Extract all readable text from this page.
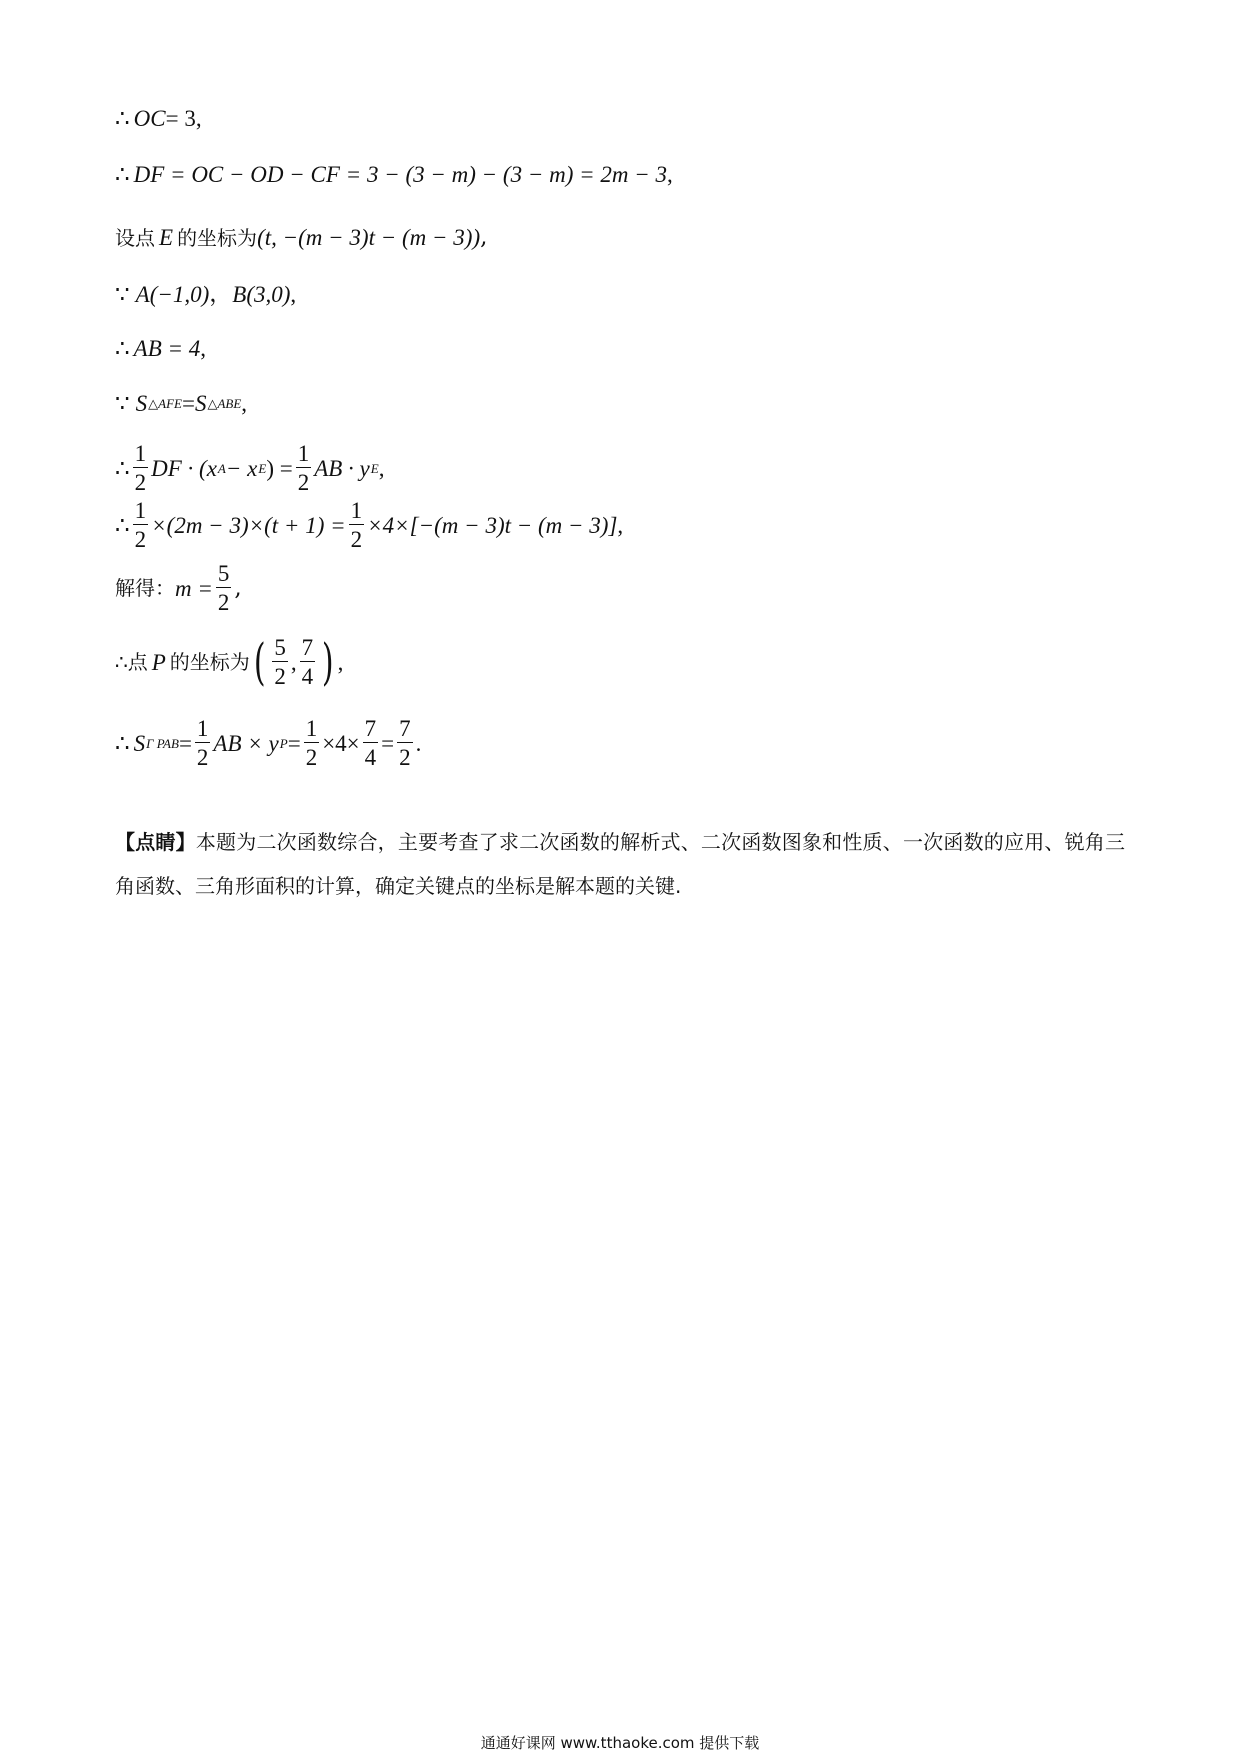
∴ OC = 3 ,
∴ DF = OC − OD − CF = 3 − (3 − m) − (3 − m) = 2m − 3 ,
设点 E 的坐标为 (t, −(m − 3)t − (m − 3)) ,
∵ A(−1,0) ， B(3,0) ,
∴ AB = 4 ,
∵ S △AFE = S △ABE ,
∴ $\frac{1}{2}$ DF · (x A − x E ) = $\frac{1}{2}$ AB · y E ,
∴ $\frac{1}{2} \times(2m - 3)\times(t + 1) = \frac{1}{2} \times 4\times[-(m - 3)t - (m - 3)]$ ,
解得： $m = \frac{5}{2}$ ,
∴点 P 的坐标为 ( $\frac{5}{2}$ , $\frac{7}{4}$ ) ,
∴ S Γ PAB = $\frac{1}{2}$ AB × y $P = \frac{1}{2} \times 4\times \frac{7}{4} = \frac{7}{2}$ .
【点睛】本题为二次函数综合，主要考查了求二次函数的解析式、二次函数图象和性质、一次函数的应用、锐角三角函数、三角形面积的计算，确定关键点的坐标是解本题的关键.
通通好课网 www.tthaoke.com 提供下载
